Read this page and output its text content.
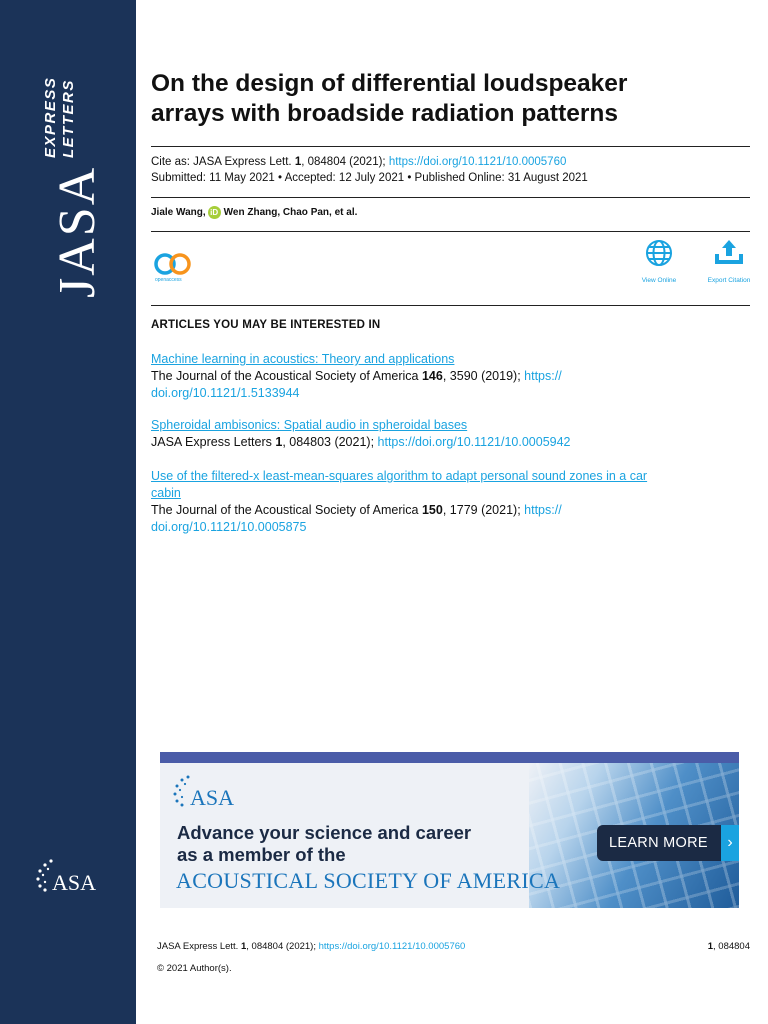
JASA
EXPRESS LETTERS
ASA
On the design of differential loudspeaker
arrays with broadside radiation patterns
Cite as: JASA Express Lett. 1, 084804 (2021); https://doi.org/10.1121/10.0005760
Submitted: 11 May 2021 • Accepted: 12 July 2021 • Published Online: 31 August 2021
Jiale Wang, iD Wen Zhang, Chao Pan, et al.
openaccess	View Online	Export Citation
ARTICLES YOU MAY BE INTERESTED IN
Machine learning in acoustics: Theory and applications
The Journal of the Acoustical Society of America 146, 3590 (2019); https://
doi.org/10.1121/1.5133944
Spheroidal ambisonics: Spatial audio in spheroidal bases
JASA Express Letters 1, 084803 (2021); https://doi.org/10.1121/10.0005942
Use of the filtered-x least-mean-squares algorithm to adapt personal sound zones in a car
cabin
The Journal of the Acoustical Society of America 150, 1779 (2021); https://
doi.org/10.1121/10.0005875
ASA
Advance your science and career
as a member of the
ACOUSTICAL SOCIETY OF AMERICA
LEARN MORE	›
JASA Express Lett. 1, 084804 (2021); https://doi.org/10.1121/10.0005760	1, 084804
© 2021 Author(s).
